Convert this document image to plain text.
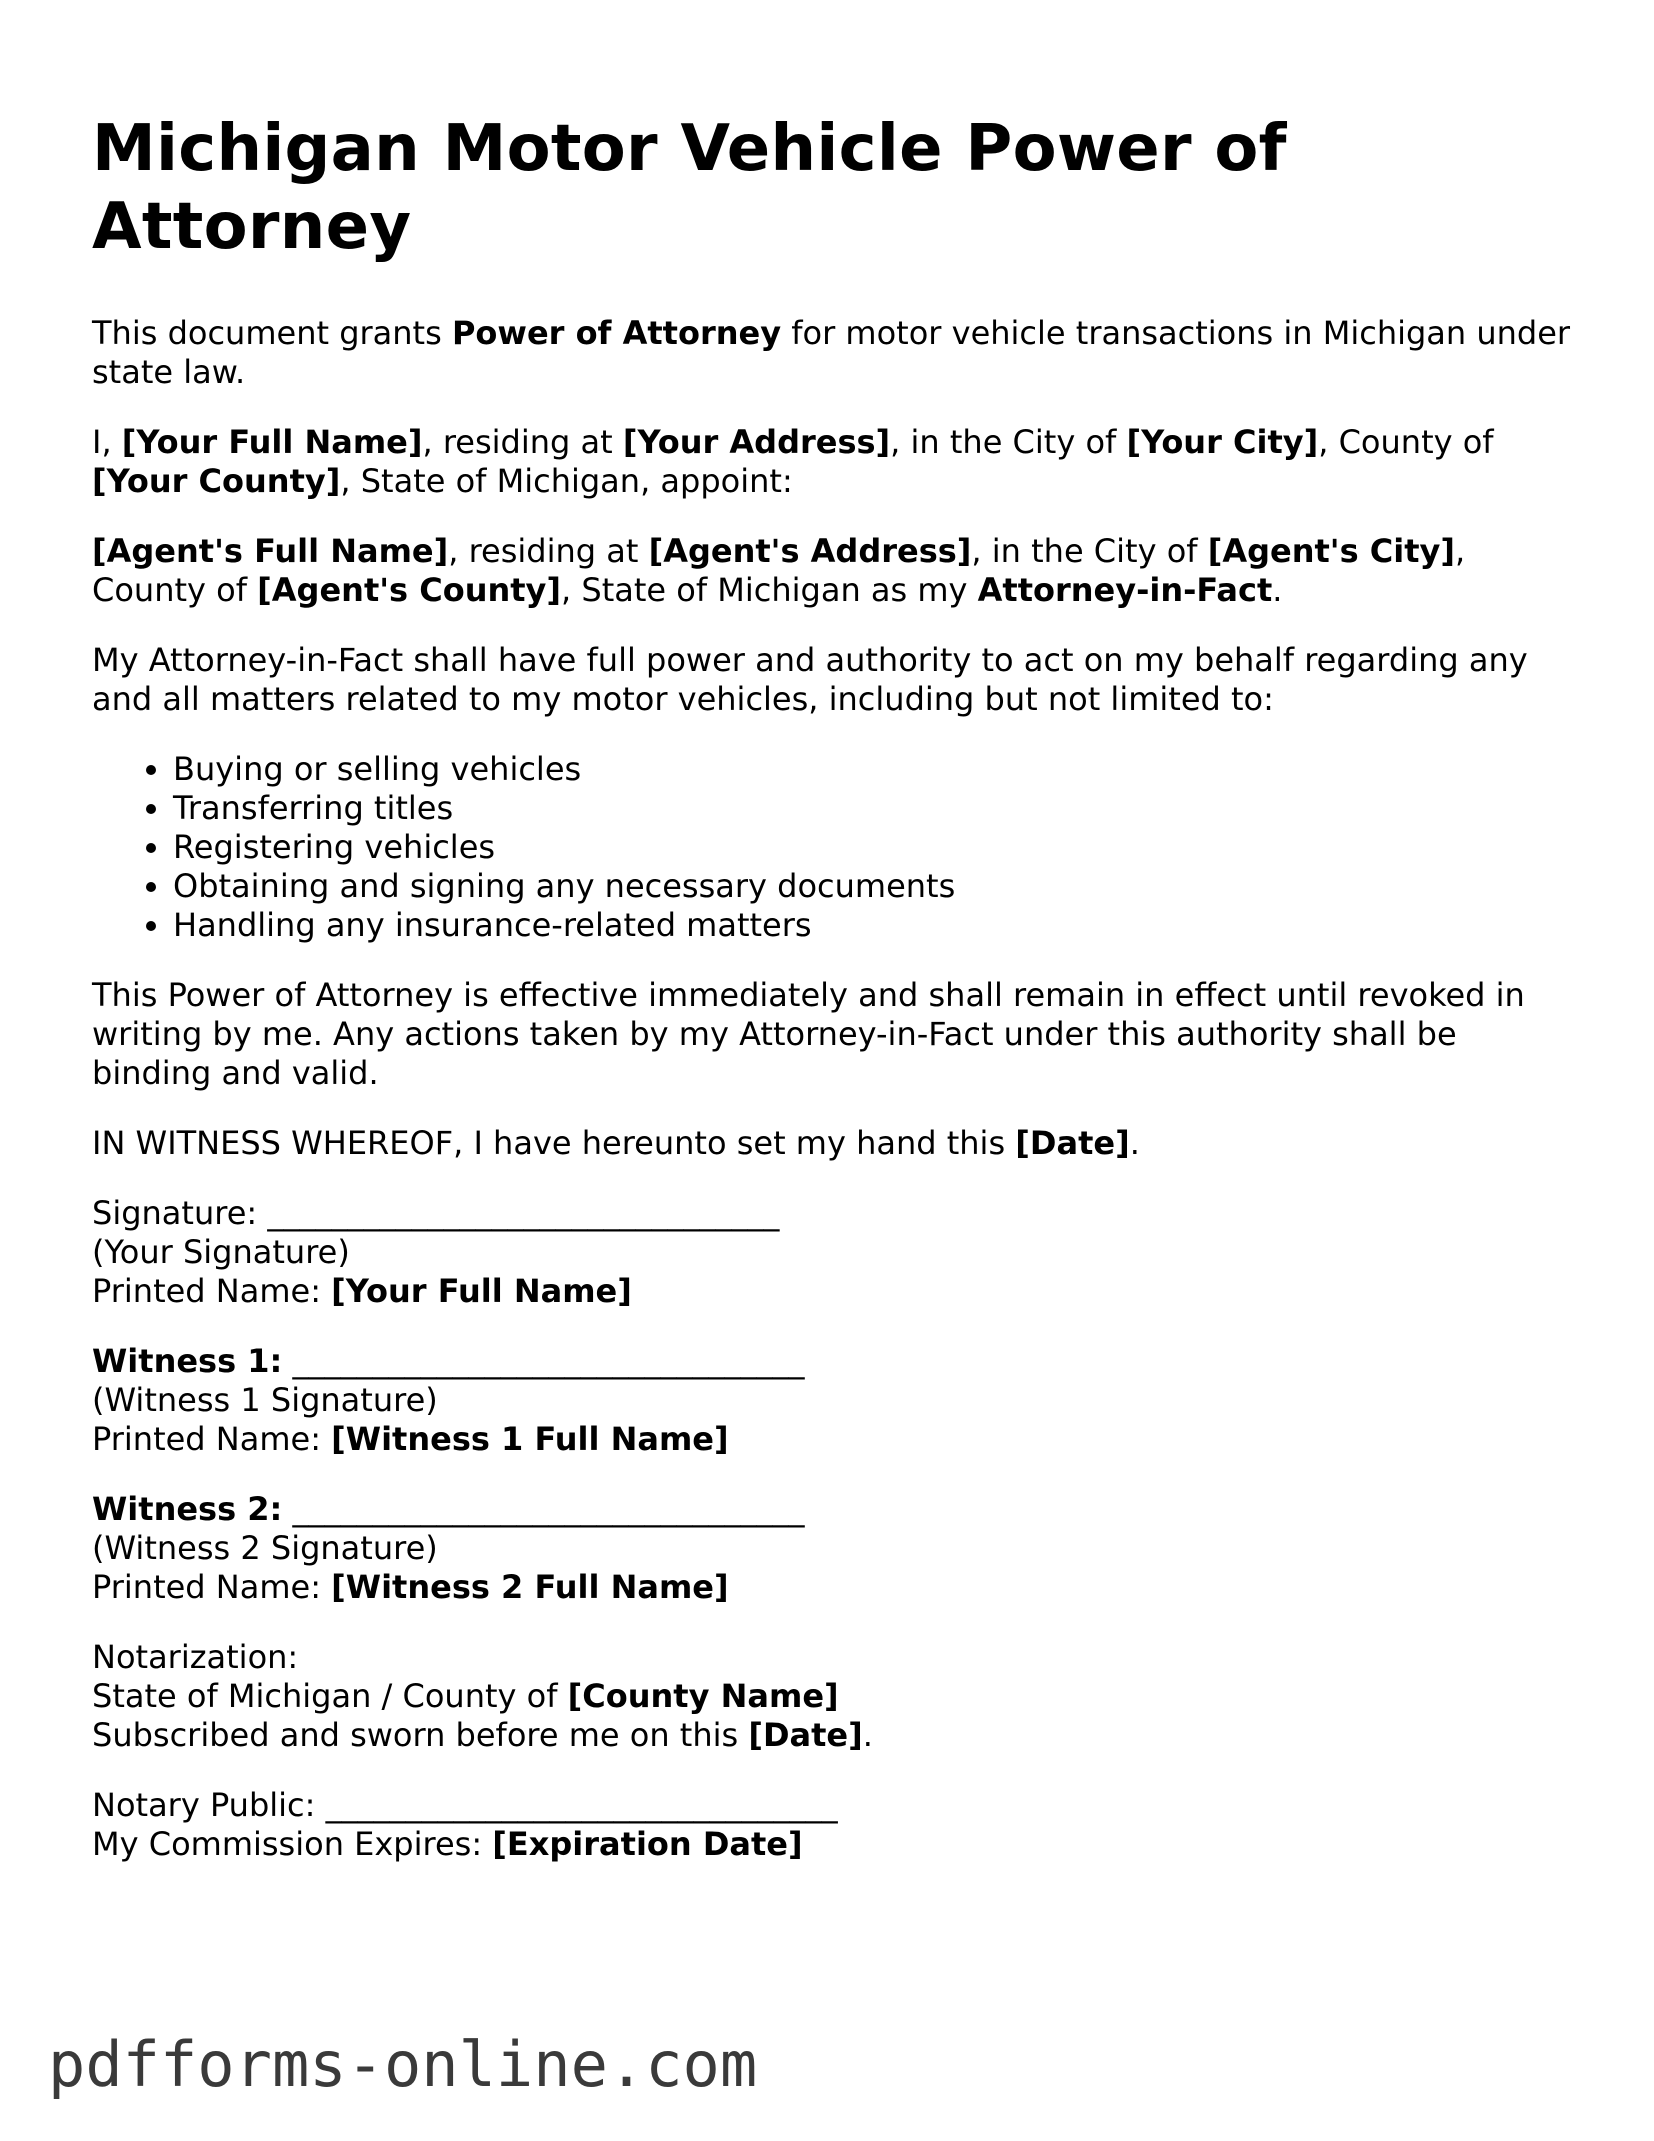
Michigan Motor Vehicle Power of Attorney

This document grants Power of Attorney for motor vehicle transactions in Michigan under state law.

I, [Your Full Name], residing at [Your Address], in the City of [Your City], County of [Your County], State of Michigan, appoint:

[Agent's Full Name], residing at [Agent's Address], in the City of [Agent's City], County of [Agent's County], State of Michigan as my Attorney-in-Fact.

My Attorney-in-Fact shall have full power and authority to act on my behalf regarding any and all matters related to my motor vehicles, including but not limited to:

• Buying or selling vehicles
• Transferring titles
• Registering vehicles
• Obtaining and signing any necessary documents
• Handling any insurance-related matters

This Power of Attorney is effective immediately and shall remain in effect until revoked in writing by me. Any actions taken by my Attorney-in-Fact under this authority shall be binding and valid.

IN WITNESS WHEREOF, I have hereunto set my hand this [Date].

Signature: ________________________________
(Your Signature)
Printed Name: [Your Full Name]
Witness 1: ________________________________
(Witness 1 Signature)
Printed Name: [Witness 1 Full Name]
Witness 2: ________________________________
(Witness 2 Signature)
Printed Name: [Witness 2 Full Name]
Notarization:
State of Michigan / County of [County Name]
Subscribed and sworn before me on this [Date].
Notary Public: ________________________________
My Commission Expires: [Expiration Date]
pdfforms-online.com
